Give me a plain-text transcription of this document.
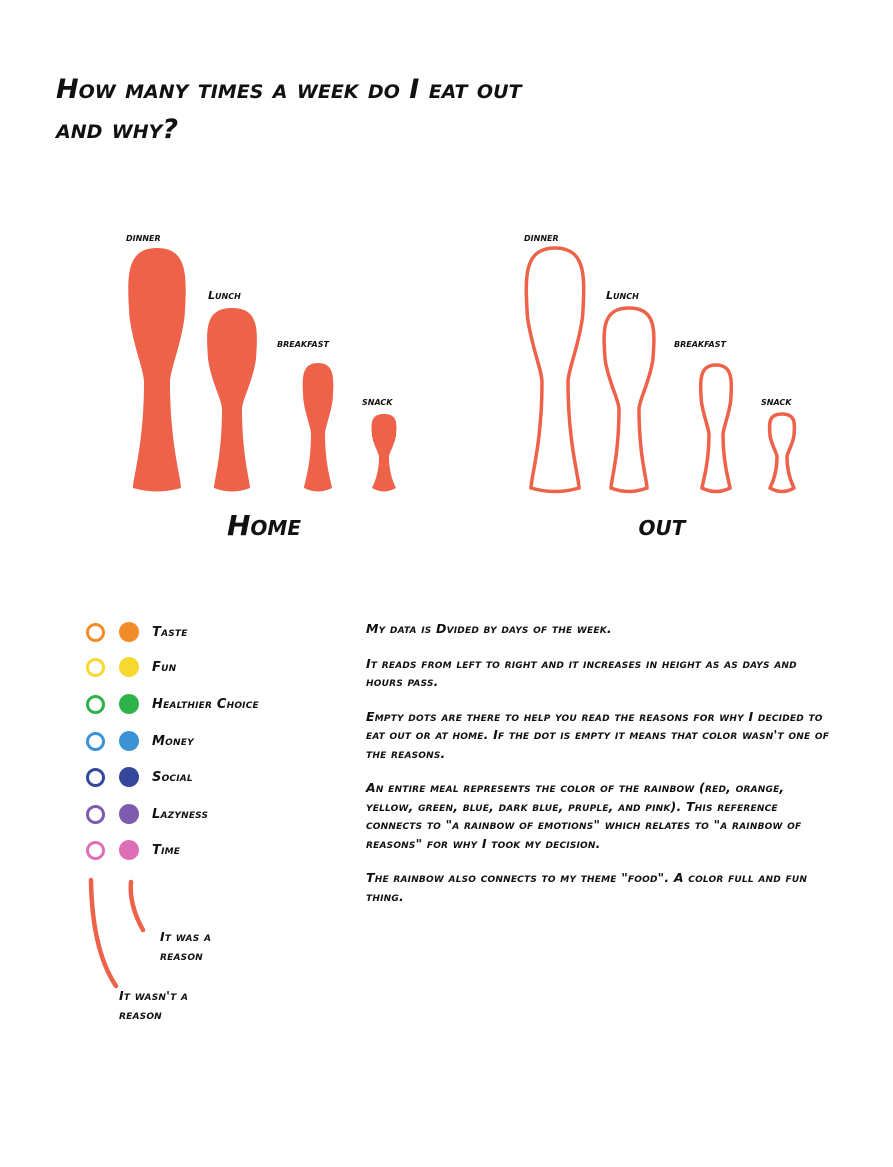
How many times a week do I eat out and why?
dinner
Lunch
breakfast
snack
Home
dinner
Lunch
breakfast
snack
out
Taste
Fun
Healthier Choice
Money
Social
Lazyness
Time
It was a reason
It wasn't a reason

My data is Dvided by days of the week.

It reads from left to right and it increases in height as as days and hours pass.

Empty dots are there to help you read the reasons for why I decided to eat out or at home. If the dot is empty it means that color wasn't one of the reasons.

An entire meal represents the color of the rainbow (red, orange, yellow, green, blue, dark blue, pruple, and pink). This reference connects to "a rainbow of emotions" which relates to "a rainbow of reasons" for why I took my decision.

The rainbow also connects to my theme "food". A color full and fun thing.
